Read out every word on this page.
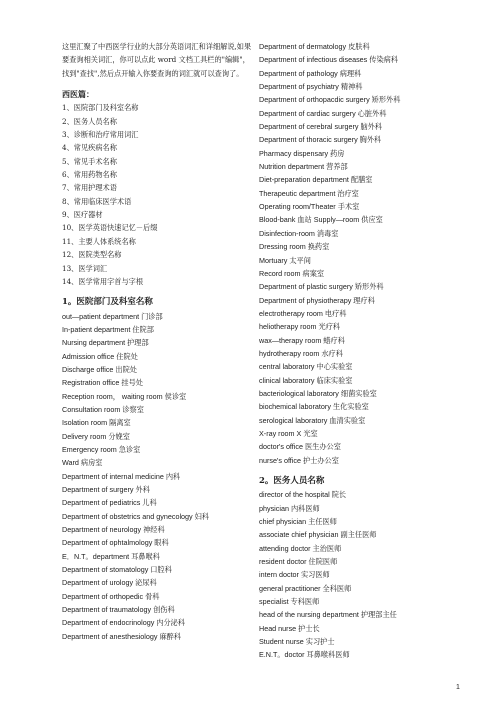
这里汇聚了中西医学行业的大部分英语词汇和详细解说,如果要查询相关词汇，你可以点此 word 文档工具栏的"编辑"，找到"查找",然后点开输入你要查询的词汇就可以查询了。
西医篇：
1、医院部门及科室名称
2、医务人员名称
3、诊断和治疗常用词汇
4、常见疾病名称
5、常见手术名称
6、常用药物名称
7、常用护理术语
8、常用临床医学术语
9、医疗器材
10、医学英语快速记忆－后缀
11、主要人体系统名称
12、医院类型名称
13、医学词汇
14、医学常用字首与字根
1。医院部门及科室名称
out—patient department 门诊部
In-patient department 住院部
Nursing department 护理部
Admission office 住院处
Discharge office 出院处
Registration office 挂号处
Reception room， waiting room 侯诊室
Consultation room 诊察室
Isolation room 隔离室
Delivery room 分娩室
Emergency room 急诊室
Ward 病房室
Department of internal medicine 内科
Department of surgery 外科
Department of pediatrics 儿科
Department of obstetrics and gynecology 妇科
Department of neurology 神经科
Department of ophtalmology 眼科
E．N.T。department 耳鼻喉科
Department of stomatology 口腔科
Department of urology 泌尿科
Department of orthopedic 骨科
Department of traumatology 创伤科
Department of endocrinology 内分泌科
Department of anesthesiology 麻醉科
Department of dermatology 皮肤科
Department of infectious diseases 传染病科
Department of pathology 病理科
Department of psychiatry 精神科
Department of orthopacdic surgery 矫形外科
Department of cardiac surgery 心脏外科
Department of cerebral surgery 脑外科
Department of thoracic surgery 胸外科
Pharmacy dispensary 药房
Nutrition department 营养部
Diet-preparation department 配膳室
Therapeutic department 治疗室
Operating room/Theater 手术室
Blood-bank 血站 Supply—room 供应室
Disinfection-room 消毒室
Dressing room 换药室
Mortuary 太平间
Record room 病案室
Department of plastic surgery 矫形外科
Department of physiotherapy 理疗科
electrotherapy room 电疗科
heliotherapy room 光疗科
wax—therapy room 蜡疗科
hydrotherapy room 水疗科
central laboratory 中心实验室
clinical laboratory 临床实验室
bacteriological laboratory 细菌实验室
biochemical laboratory 生化实验室
serological laboratory 血清实验室
X-ray room X 光室
doctor's office 医生办公室
nurse's office 护士办公室
2。医务人员名称
director of the hospital 院长
physician 内科医师
chief physician 主任医师
associate chief physician 副主任医师
attending doctor 主治医师
resident doctor 住院医师
intern doctor 实习医师
general practitioner 全科医师
specialist 专科医师
head of the nursing department 护理部主任
Head nurse 护士长
Student nurse 实习护士
E.N.T。doctor 耳鼻喉科医师
1
